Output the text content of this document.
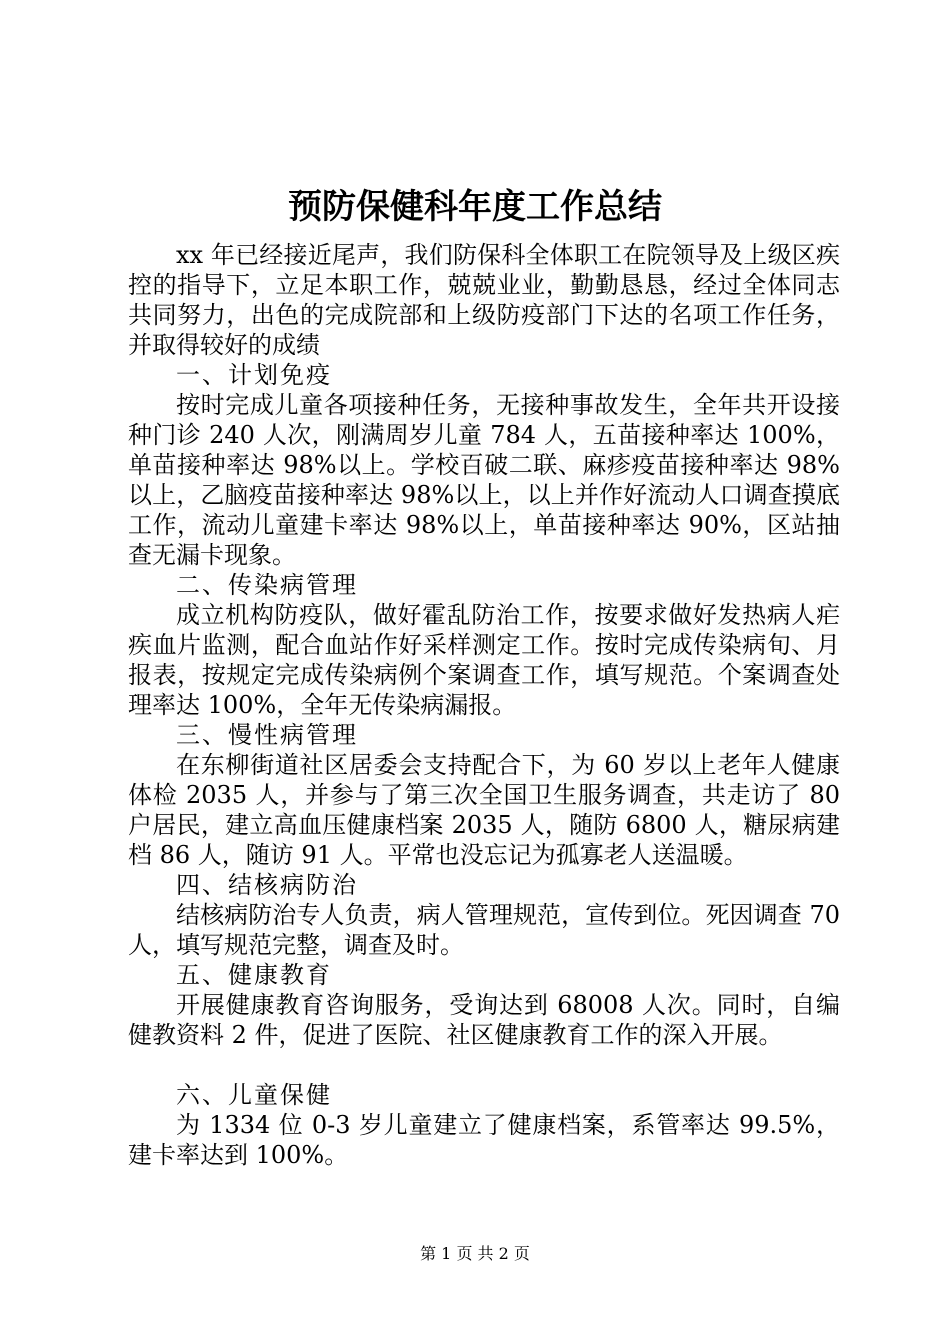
预防保健科年度工作总结

xx 年已经接近尾声，我们防保科全体职工在院领导及上级区疾控的指导下，立足本职工作，兢兢业业，勤勤恳恳，经过全体同志共同努力，出色的完成院部和上级防疫部门下达的名项工作任务，并取得较好的成绩

一、计划免疫

按时完成儿童各项接种任务，无接种事故发生，全年共开设接种门诊 240 人次，刚满周岁儿童 784 人，五苗接种率达 100%，单苗接种率达 98%以上。学校百破二联、麻疹疫苗接种率达 98%以上，乙脑疫苗接种率达 98%以上，以上并作好流动人口调查摸底工作，流动儿童建卡率达 98%以上，单苗接种率达 90%，区站抽查无漏卡现象。

二、传染病管理

成立机构防疫队，做好霍乱防治工作，按要求做好发热病人疟疾血片监测，配合血站作好采样测定工作。按时完成传染病旬、月报表，按规定完成传染病例个案调查工作，填写规范。个案调查处理率达 100%，全年无传染病漏报。

三、慢性病管理

在东柳街道社区居委会支持配合下，为 60 岁以上老年人健康体检 2035 人，并参与了第三次全国卫生服务调查，共走访了 80 户居民，建立高血压健康档案 2035 人，随防 6800 人，糖尿病建档 86 人，随访 91 人。平常也没忘记为孤寡老人送温暖。

四、结核病防治

结核病防治专人负责，病人管理规范，宣传到位。死因调查 70 人，填写规范完整，调查及时。

五、健康教育

开展健康教育咨询服务，受询达到 68008 人次。同时，自编健教资料 2 件，促进了医院、社区健康教育工作的深入开展。

六、儿童保健

为 1334 位 0-3 岁儿童建立了健康档案，系管率达 99.5%，建卡率达到 100%。

第 1 页 共 2 页
